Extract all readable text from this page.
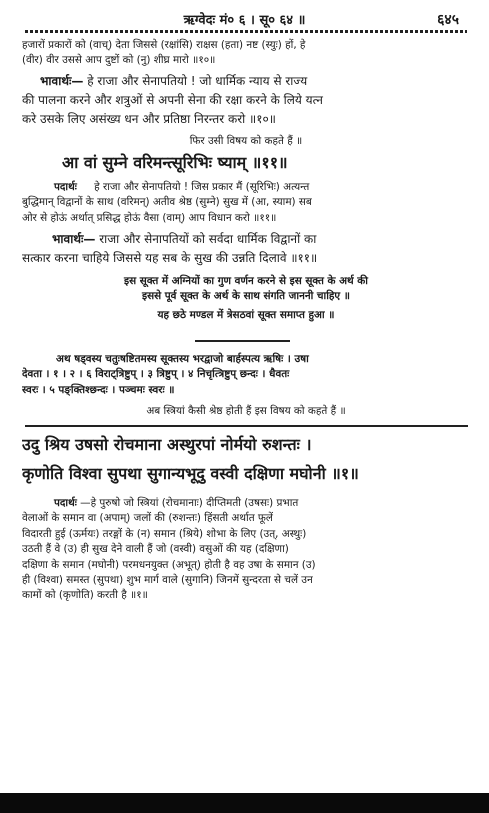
ऋग्वेदः मं० ६ । सू० ६४ ॥	६४५
हजारों प्रकारों को (वाच्) देता जिससे (रक्षांसि) राक्षस (हता) नष्ट (स्युः) हों, हे
(वीर) वीर उससे आप दुष्टों को (नु) शीघ्र मारो ॥१०॥
भावार्थः— हे राजा और सेनापतियो ! जो धार्मिक न्याय से राज्य
की पालना करने और शत्रुओं से अपनी सेना की रक्षा करने के लिये यत्न
करे उसके लिए असंख्य धन और प्रतिष्ठा निरन्तर करो ॥१०॥
फिर उसी विषय को कहते हैं ॥
आ वां सुम्ने वरिमन्त्सूरिभिः ष्याम् ॥११॥
पदार्थः हे राजा और सेनापतियो ! जिस प्रकार मैं (सूरिभिः) अत्यन्त
बुद्धिमान् विद्वानों के साथ (वरिमन्) अतीव श्रेष्ठ (सुम्ने) सुख में (आ, स्याम) सब
ओर से होऊं अर्थात् प्रसिद्ध होऊं वैसा (वाम्) आप विधान करो ॥११॥
भावार्थः— राजा और सेनापतियों को सर्वदा धार्मिक विद्वानों का
सत्कार करना चाहिये जिससे यह सब के सुख की उन्नति दिलावे ॥११॥
इस सूक्त में अग्नियों का गुण वर्णन करने से इस सूक्त के अर्थ की
इससे पूर्व सूक्त के अर्थ के साथ संगति जाननी चाहिए ॥
यह छठे मण्डल में त्रेसठवां सूक्त समाप्त हुआ ॥
अथ षड्वस्य चतुःषष्टितमस्य सूक्तस्य भरद्वाजो बार्हस्पत्य ऋषिः । उषा
देवता । १ । २ । ६ विराट्त्रिष्टुप् । ३ त्रिष्टुप् । ४ निचृत्त्रिष्टुप् छन्दः । धैवतः
स्वरः । ५ पङ्क्तिश्छन्दः । पञ्चमः स्वरः ॥
अब स्त्रियां कैसी श्रेष्ठ होती हैं इस विषय को कहते हैं ॥
उदु श्रिय उषसो रोचमाना अस्थुरपां नोर्मयो रुशन्तः ।
कृणोति विश्वा सुपथा सुगान्यभूदु वस्वी दक्षिणा मघोनी ॥१॥
पदार्थः —हे पुरुषो जो स्त्रियां (रोचमानाः) दीप्तिमती (उषसः) प्रभात
वेलाओं के समान वा (अपाम्) जलों की (रुशन्तः) हिंसती अर्थात फूलें
विदारती हुई (ऊर्मयः) तरङ्गों के (न) समान (श्रिये) शोभा के लिए (उत्, अस्थुः)
उठती हैं वे (उ) ही सुख देने वाली हैं जो (वस्वी) वसुओं की यह (दक्षिणा)
दक्षिणा के समान (मघोनी) परमधनयुक्त (अभूत्) होती है वह उषा के समान (उ)
ही (विश्वा) समस्त (सुपथा) शुभ मार्ग वाले (सुगानि) जिनमें सुन्दरता से चलें उन
कामों को (कृणोति) करती है ॥१॥
